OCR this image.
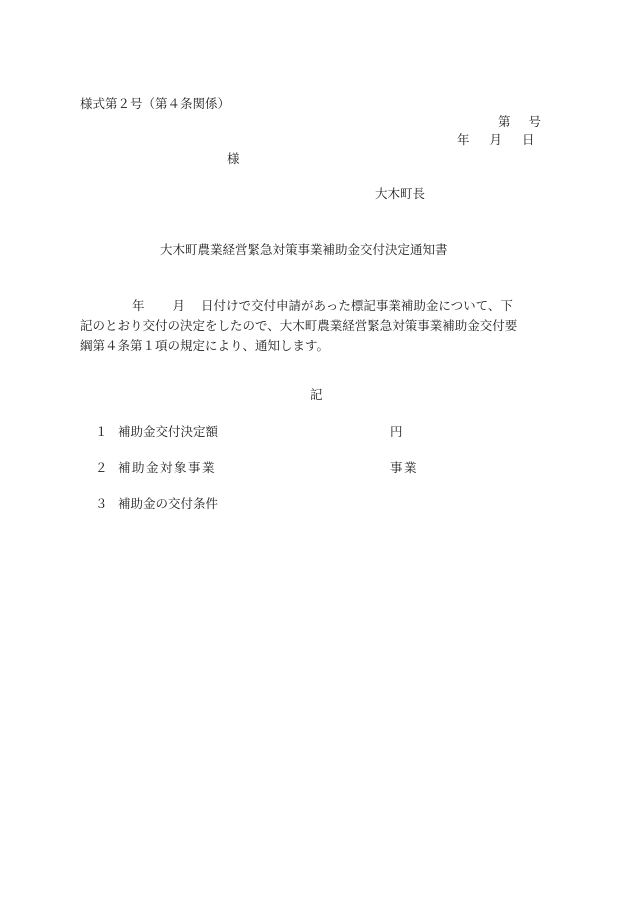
様式第２号（第４条関係）
第 号
年 月 日
様
大木町長
大木町農業経営緊急対策事業補助金交付決定通知書
年 月 日付けで交付申請があった標記事業補助金について、下
記のとおり交付の決定をしたので、大木町農業経営緊急対策事業補助金交付要
綱第４条第１項の規定により、通知します。
記
１ 補助金交付決定額	円
２ 補助金対象事業	事業
３ 補助金の交付条件
